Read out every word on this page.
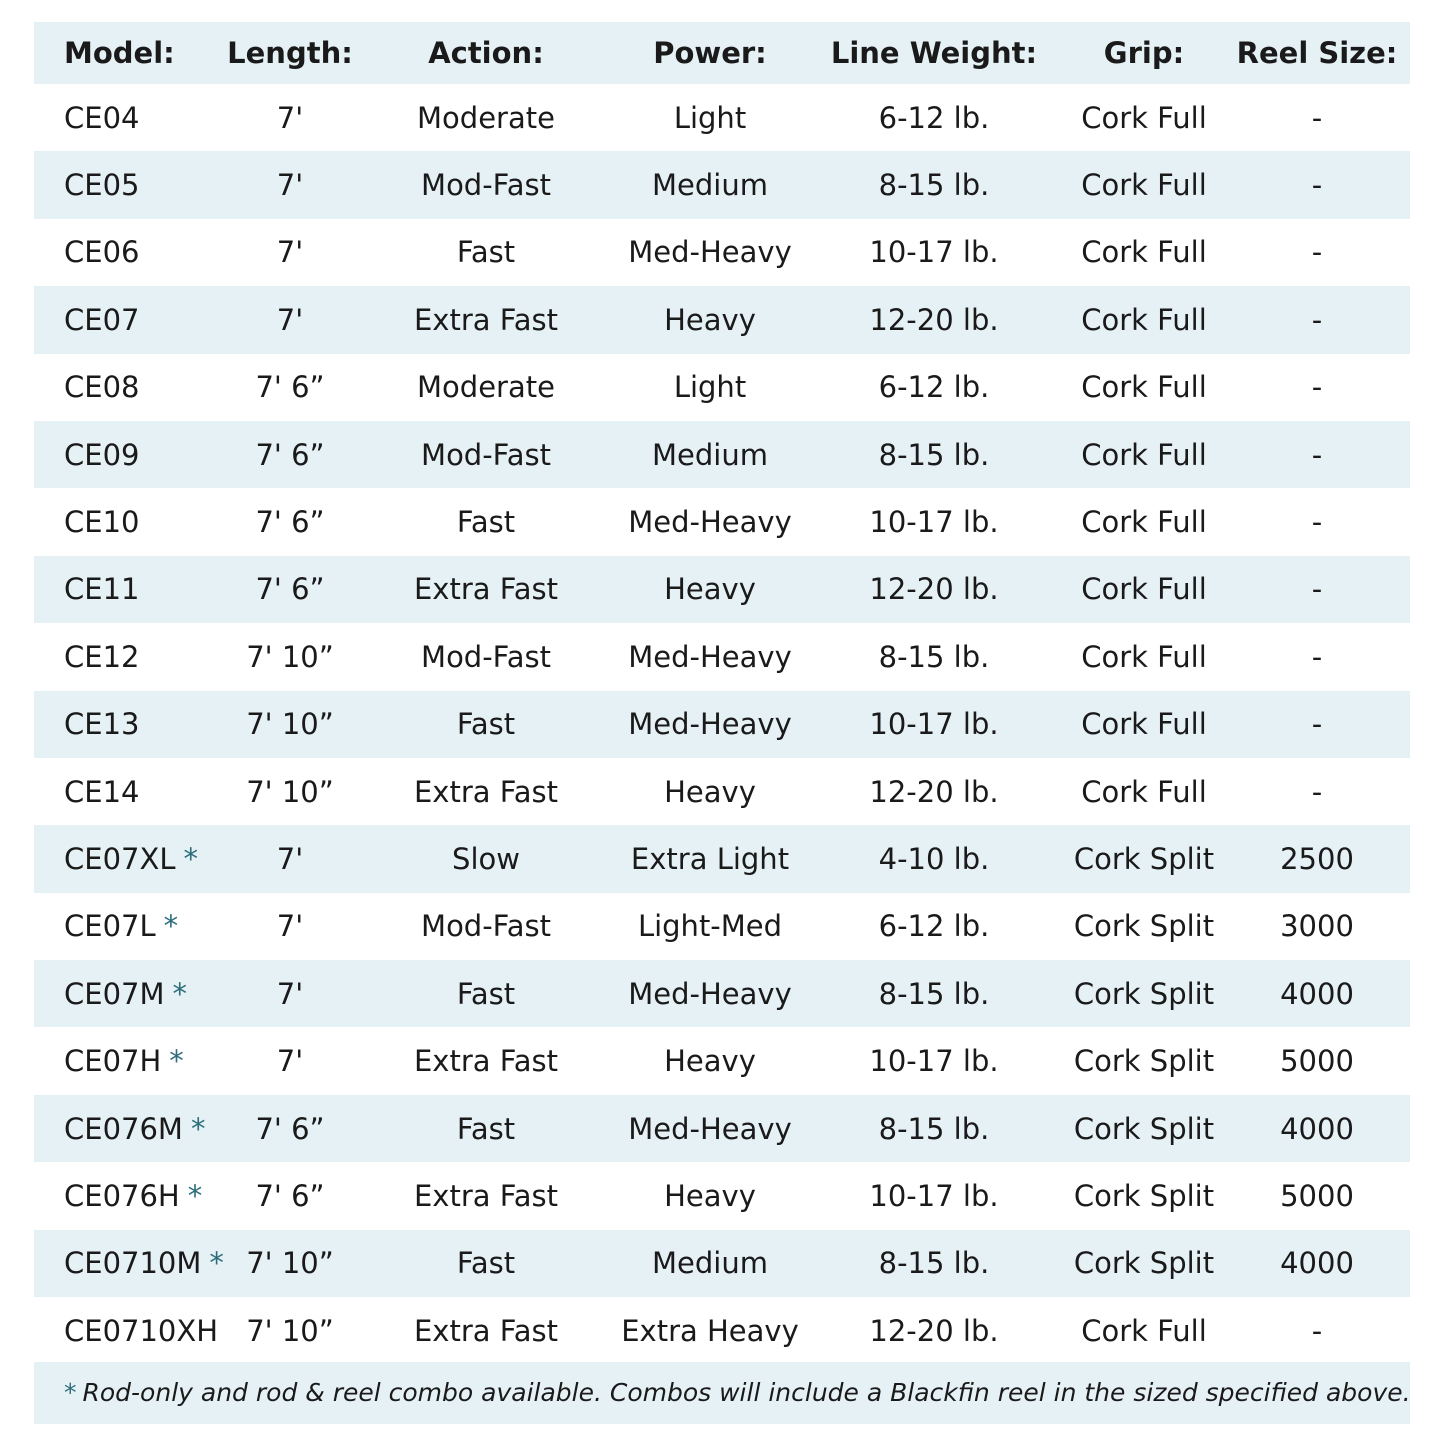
Model:	Length:	Action:	Power:	Line Weight:	Grip:	Reel Size:
CE04	7'	Moderate	Light	6-12 lb.	Cork Full	-
CE05	7'	Mod-Fast	Medium	8-15 lb.	Cork Full	-
CE06	7'	Fast	Med-Heavy	10-17 lb.	Cork Full	-
CE07	7'	Extra Fast	Heavy	12-20 lb.	Cork Full	-
CE08	7' 6”	Moderate	Light	6-12 lb.	Cork Full	-
CE09	7' 6”	Mod-Fast	Medium	8-15 lb.	Cork Full	-
CE10	7' 6”	Fast	Med-Heavy	10-17 lb.	Cork Full	-
CE11	7' 6”	Extra Fast	Heavy	12-20 lb.	Cork Full	-
CE12	7' 10”	Mod-Fast	Med-Heavy	8-15 lb.	Cork Full	-
CE13	7' 10”	Fast	Med-Heavy	10-17 lb.	Cork Full	-
CE14	7' 10”	Extra Fast	Heavy	12-20 lb.	Cork Full	-
CE07XL *	7'	Slow	Extra Light	4-10 lb.	Cork Split	2500
CE07L *	7'	Mod-Fast	Light-Med	6-12 lb.	Cork Split	3000
CE07M *	7'	Fast	Med-Heavy	8-15 lb.	Cork Split	4000
CE07H *	7'	Extra Fast	Heavy	10-17 lb.	Cork Split	5000
CE076M *	7' 6”	Fast	Med-Heavy	8-15 lb.	Cork Split	4000
CE076H *	7' 6”	Extra Fast	Heavy	10-17 lb.	Cork Split	5000
CE0710M *	7' 10”	Fast	Medium	8-15 lb.	Cork Split	4000
CE0710XH	7' 10”	Extra Fast	Extra Heavy	12-20 lb.	Cork Full	-
* Rod-only and rod & reel combo available. Combos will include a Blackfin reel in the sized specified above.
